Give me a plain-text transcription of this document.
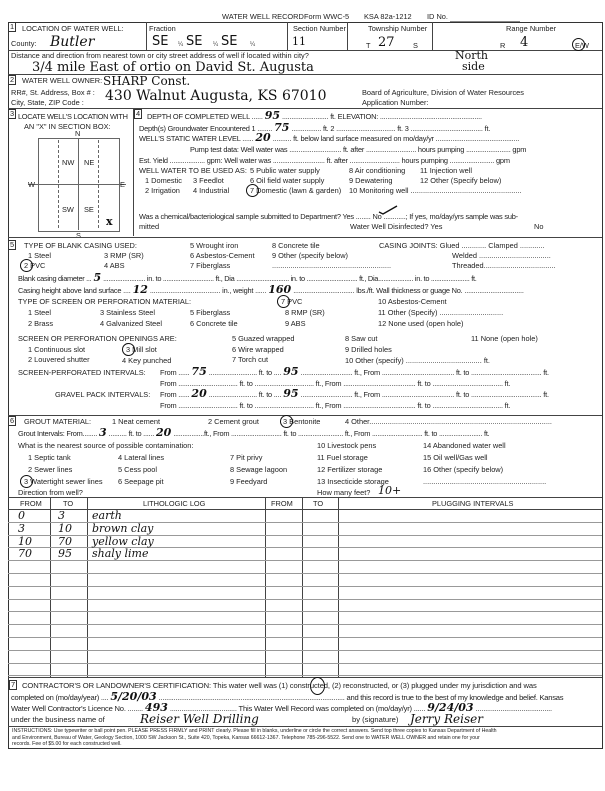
WATER WELL RECORD Form WWC-5 KSA 82a-1212 ID No.
1 LOCATION OF WATER WELL:
County: Butler
Fraction
SE ¼ SE ¼ SE ¼
Section Number
11
Township Number
T 27 S
Range Number
R 4	E/W
Distance and direction from nearest town or city street address of well if located within city?
3/4 mile East of ortio on David St. Augusta
North
side
2 WATER WELL OWNER: SHARP Const.
RR#, St. Address, Box # :
City, State, ZIP Code : 430 Walnut Augusta, KS 67010	Board of Agriculture, Division of Water Resources
Application Number:
3 LOCATE WELL'S LOCATION WITH
AN "X" IN SECTION BOX:
N
S
W	E
NW NE
SW SE
x
4 DEPTH OF COMPLETED WELL ...... 95 ......................... ft. ELEVATION: .......................................................
Depth(s) Groundwater Encountered 1 ........ 75 ................ ft. 2 ................................ ft. 3 ....................................... ft.
WELL'S STATIC WATER LEVEL ...... 20 .......... ft. below land surface measured on mo/day/yr .............................................
Pump test data: Well water was ............................ ft. after ........................... hours pumping ........................ gpm
Est. Yield ................... gpm: Well water was ............................ ft. after ........................... hours pumping ........................ gpm
WELL WATER TO BE USED AS:
1 Domestic
2 Irrigation
3 Feedlot
4 Industrial
5 Public water supply
6 Oil field water supply
7 Domestic (lawn & garden)
8 Air conditioning
9 Dewatering
10 Monitoring well ......................................................
11 Injection well
12 Other (Specify below)
Was a chemical/bacteriological sample submitted to Department? Yes ........ No ............; If yes, mo/day/yrs sample was sub-
mitted	Water Well Disinfected? Yes	No
5 TYPE OF BLANK CASING USED:
1 Steel
2 PVC
3 RMP (SR)
4 ABS
5 Wrought iron
6 Asbestos-Cement
7 Fiberglass
8 Concrete tile
9 Other (specify below)
..........................................................
CASING JOINTS: Glued ............ Clamped ............
Welded ...................................
Threaded...................................
Blank casing diameter ... 5 ........................ in. to ............................. ft., Dia .............................. in. to ............................. ft., Dia.................... in. to ...................... ft.
Casing height above land surface .... 12 ...................................... in., weight ...... 160 ................................. lbs./ft. Wall thickness or guage No. ................................
TYPE OF SCREEN OR PERFORATION MATERIAL:
1 Steel
2 Brass
3 Stainless Steel
4 Galvanized Steel
5 Fiberglass
6 Concrete tile
7 PVC
8 RMP (SR)
9 ABS
10 Asbestos-Cement
11 Other (Specify) ...............................
12 None used (open hole)
SCREEN OR PERFORATION OPENINGS ARE:
1 Continuous slot
2 Louvered shutter
3 Mill slot
4 Key punched
5 Guazed wrapped
6 Wire wrapped
7 Torch cut
8 Saw cut
9 Drilled holes
10 Other (specify) ..................................... ft.
11 None (open hole)
SCREEN-PERFORATED INTERVALS: From ...... 75 .......................... ft. to .... 95 ............................ ft., From ....................................... ft. to ...................................... ft.
From ................................ ft. to ................................ ft., From ....................................... ft. to ...................................... ft.
GRAVEL PACK INTERVALS: From ...... 20 .......................... ft. to .... 95 ............................ ft., From ....................................... ft. to ...................................... ft.
From ................................ ft. to ................................ ft., From ....................................... ft. to ...................................... ft.
6 GROUT MATERIAL:	1 Neat cement	2 Cement grout	3 Bentonite	4 Other.........................................................................................
Grout Intervals: From........ 3 .......... ft. to ...... 20 .................ft., From ............................ ft. to ......................... ft., From ............................ ft. to ........................ ft.
What is the nearest source of possible contamination:
1 Septic tank
2 Sewer lines
3 Watertight sewer lines
4 Lateral lines
5 Cess pool
6 Seepage pit
7 Pit privy
8 Sewage lagoon
9 Feedyard
10 Livestock pens
11 Fuel storage
12 Fertilizer storage
13 Insecticide storage
14 Abandoned water well
15 Oil well/Gas well
16 Other (specify below)
............................................................
Direction from well?	How many feet? 10+
FROM	TO	LITHOLOGIC LOG	FROM	TO	PLUGGING INTERVALS
0	3 earth
3	10 brown clay
10 70 yellow clay
70 95 shaly lime
7 CONTRACTOR'S OR LANDOWNER'S CERTIFICATION: This water well was (1) constructed, (2) reconstructed, or (3) plugged under my jurisdiction and was
completed on (mo/day/year) .... 5/20/03 .................................................................................................... and this record is true to the best of my knowledge and belief. Kansas
Water Well Contractor's Licence No. ........ 493 ................................... This Water Well Record was completed on (mo/day/yr) ...... 9/24/03 ........................................
under the business name of	Reiser Well Drilling	by (signature) Jerry Reiser
INSTRUCTIONS: Use typewriter or ball point pen. PLEASE PRESS FIRMLY and PRINT clearly. Please fill in blanks, underline or circle the correct answers. Send top three copies to Kansas Department of Health
and Environment, Bureau of Water, Geology Section, 1000 SW Jackson St., Suite 420, Topeka, Kansas 66612-1367. Telephone 785-296-5522. Send one to WATER WELL OWNER and retain one for your
records. Fee of $5.00 for each constructed well.
